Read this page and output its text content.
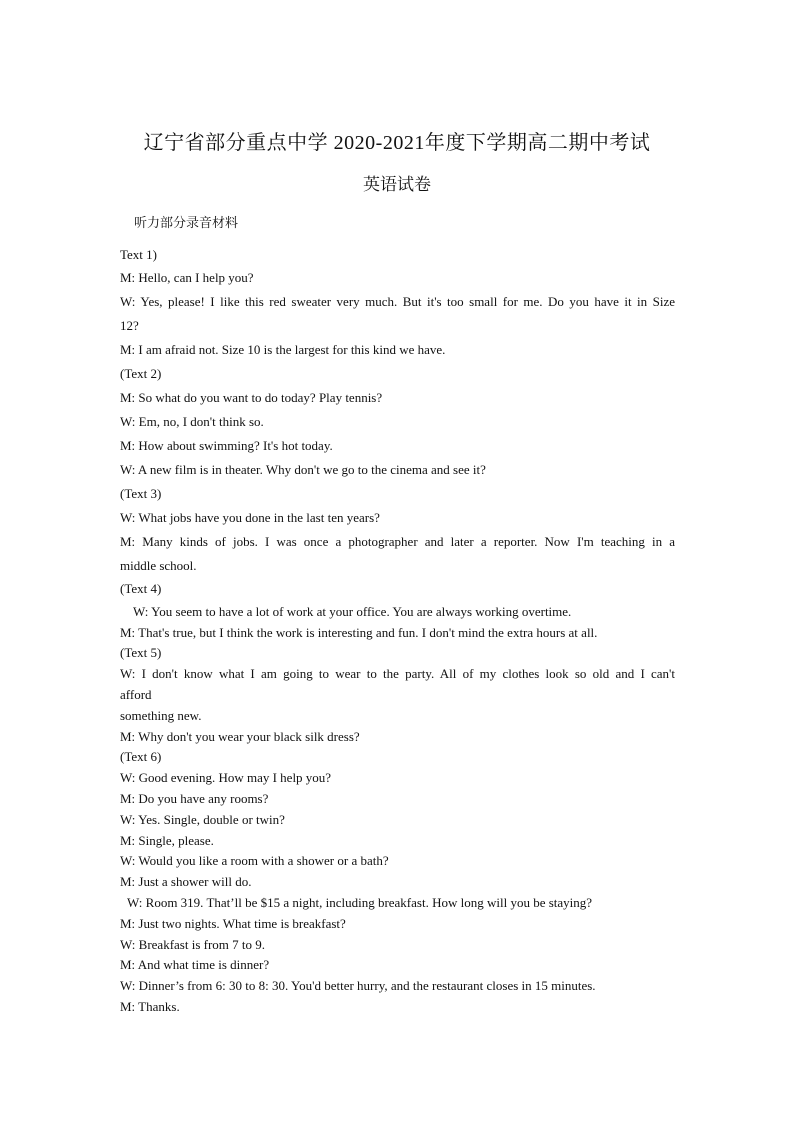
辽宁省部分重点中学 2020-2021年度下学期高二期中考试
英语试卷
听力部分录音材料
Text 1)
M: Hello, can I help you?
W: Yes, please! I like this red sweater very much. But it's too small for me. Do you have it in Size
12?
M: I am afraid not. Size 10 is the largest for this kind we have.
(Text 2)
M: So what do you want to do today? Play tennis?
W: Em, no, I don't think so.
M: How about swimming? It's hot today.
W: A new film is in theater. Why don't we go to the cinema and see it?
(Text 3)
W: What jobs have you done in the last ten years?
M: Many kinds of jobs. I was once a photographer and later a reporter. Now I'm teaching in a
middle school.
(Text 4)
W: You seem to have a lot of work at your office. You are always working overtime.
M: That's true, but I think the work is interesting and fun. I don't mind the extra hours at all.
(Text 5)
W: I don't know what I am going to wear to the party. All of my clothes look so old and I can't
afford
something new.
M: Why don't you wear your black silk dress?
(Text 6)
W: Good evening. How may I help you?
M: Do you have any rooms?
W: Yes. Single, double or twin?
M: Single, please.
W: Would you like a room with a shower or a bath?
M: Just a shower will do.
W: Room 319. That’ll be $15 a night, including breakfast. How long will you be staying?
M: Just two nights. What time is breakfast?
W: Breakfast is from 7 to 9.
M: And what time is dinner?
W: Dinner’s from 6: 30 to 8: 30. You'd better hurry, and the restaurant closes in 15 minutes.
M: Thanks.
